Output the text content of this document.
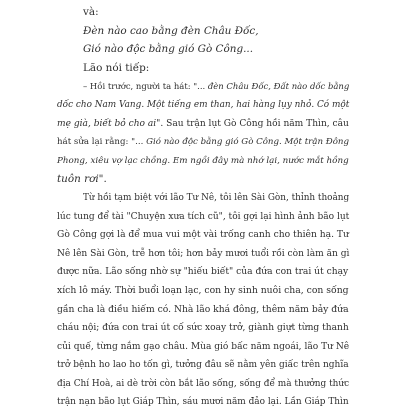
và:
Đèn nào cao bằng đèn Châu Đốc,
Gió nào độc bằng gió Gò Công...
Lão nói tiếp:
– Hồi trước, người ta hát: "... đèn Châu Đốc, Đất nào dốc bằng
dốc cho Nam Vang. Một tiếng em than, hai hàng lụy nhỏ. Có một
mẹ già, biết bỏ cho ai". Sau trận lụt Gò Công hồi năm Thìn, câu
hát sửa lại rằng: "... Gió nào độc bằng gió Gò Công. Một trận Đông
Phong, xiêu vợ lạc chồng. Em ngồi đây mà nhớ lại, nước mắt hồng
tuôn rơi".
Từ hồi tạm biệt với lão Tư Nê, tôi lên Sài Gòn, thỉnh thoảng
lúc tung để tài "Chuyện xưa tích cũ", tôi gợi lại hình ảnh bão lụt
Gò Công gợi là để mua vui một vài trống canh cho thiên hạ. Tư
Nê lên Sài Gòn, trễ hơn tôi; hơn bảy mươi tuổi rồi còn làm ăn gì
được nữa. Lão sống nhờ sự "hiếu biết" của đứa con trai út chạy
xích lô máy. Thời buổi loạn lạc, con hy sinh nuôi cha, con sống
gần cha là điều hiếm có. Nhà lão khá đông, thêm năm bảy đứa
cháu nội; đứa con trai út cố sức xoay trở, giành giựt từng thanh
củi quế, từng nắm gạo châu. Mùa gió bấc năm ngoái, lão Tư Nê
trở bệnh ho lao ho tốn gì, tưởng đâu sẽ nằm yên giấc trên nghĩa
địa Chí Hoà, ai dè trời còn bắt lão sống, sống để mà thưởng thức
trận nạn bão lụt Giáp Thìn, sáu mươi năm đảo lại. Lần Giáp Thìn
